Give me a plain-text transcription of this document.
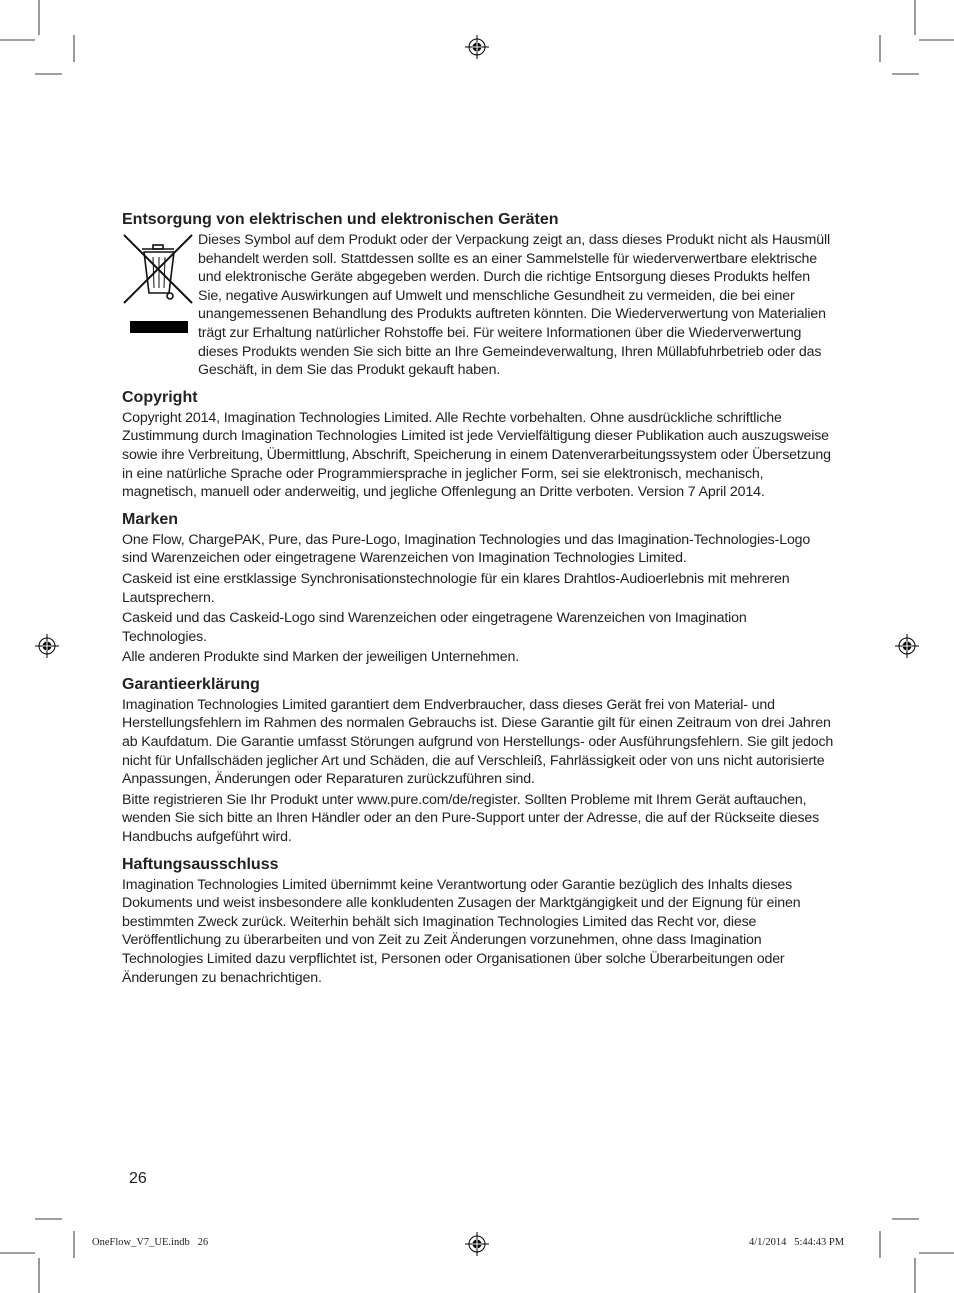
Entsorgung von elektrischen und elektronischen Geräten

Dieses Symbol auf dem Produkt oder der Verpackung zeigt an, dass dieses Produkt nicht als Hausmüll behandelt werden soll. Stattdessen sollte es an einer Sammelstelle für wiederverwertbare elektrische und elektronische Geräte abgegeben werden. Durch die richtige Entsorgung dieses Produkts helfen Sie, negative Auswirkungen auf Umwelt und menschliche Gesundheit zu vermeiden, die bei einer unangemessenen Behandlung des Produkts auftreten könnten. Die Wiederverwertung von Materialien trägt zur Erhaltung natürlicher Rohstoffe bei. Für weitere Informationen über die Wiederverwertung dieses Produkts wenden Sie sich bitte an Ihre Gemeindeverwaltung, Ihren Müllabfuhrbetrieb oder das Geschäft, in dem Sie das Produkt gekauft haben.

Copyright

Copyright 2014, Imagination Technologies Limited. Alle Rechte vorbehalten. Ohne ausdrückliche schriftliche Zustimmung durch Imagination Technologies Limited ist jede Vervielfältigung dieser Publikation auch auszugsweise sowie ihre Verbreitung, Übermittlung, Abschrift, Speicherung in einem Datenverarbeitungssystem oder Übersetzung in eine natürliche Sprache oder Programmiersprache in jeglicher Form, sei sie elektronisch, mechanisch, magnetisch, manuell oder anderweitig, und jegliche Offenlegung an Dritte verboten. Version 7 April 2014.

Marken

One Flow, ChargePAK, Pure, das Pure-Logo, Imagination Technologies und das Imagination-Technologies-Logo sind Warenzeichen oder eingetragene Warenzeichen von Imagination Technologies Limited.

Caskeid ist eine erstklassige Synchronisationstechnologie für ein klares Drahtlos-Audioerlebnis mit mehreren Lautsprechern.

Caskeid und das Caskeid-Logo sind Warenzeichen oder eingetragene Warenzeichen von Imagination Technologies.

Alle anderen Produkte sind Marken der jeweiligen Unternehmen.

Garantieerklärung

Imagination Technologies Limited garantiert dem Endverbraucher, dass dieses Gerät frei von Material- und Herstellungsfehlern im Rahmen des normalen Gebrauchs ist. Diese Garantie gilt für einen Zeitraum von drei Jahren ab Kaufdatum. Die Garantie umfasst Störungen aufgrund von Herstellungs- oder Ausführungsfehlern. Sie gilt jedoch nicht für Unfallschäden jeglicher Art und Schäden, die auf Verschleiß, Fahrlässigkeit oder von uns nicht autorisierte Anpassungen, Änderungen oder Reparaturen zurückzuführen sind.

Bitte registrieren Sie Ihr Produkt unter www.pure.com/de/register. Sollten Probleme mit Ihrem Gerät auftauchen, wenden Sie sich bitte an Ihren Händler oder an den Pure-Support unter der Adresse, die auf der Rückseite dieses Handbuchs aufgeführt wird.

Haftungsausschluss

Imagination Technologies Limited übernimmt keine Verantwortung oder Garantie bezüglich des Inhalts dieses Dokuments und weist insbesondere alle konkludenten Zusagen der Marktgängigkeit und der Eignung für einen bestimmten Zweck zurück. Weiterhin behält sich Imagination Technologies Limited das Recht vor, diese Veröffentlichung zu überarbeiten und von Zeit zu Zeit Änderungen vorzunehmen, ohne dass Imagination Technologies Limited dazu verpflichtet ist, Personen oder Organisationen über solche Überarbeitungen oder Änderungen zu benachrichtigen.

26
OneFlow_V7_UE.indb   26	4/1/2014   5:44:43 PM
